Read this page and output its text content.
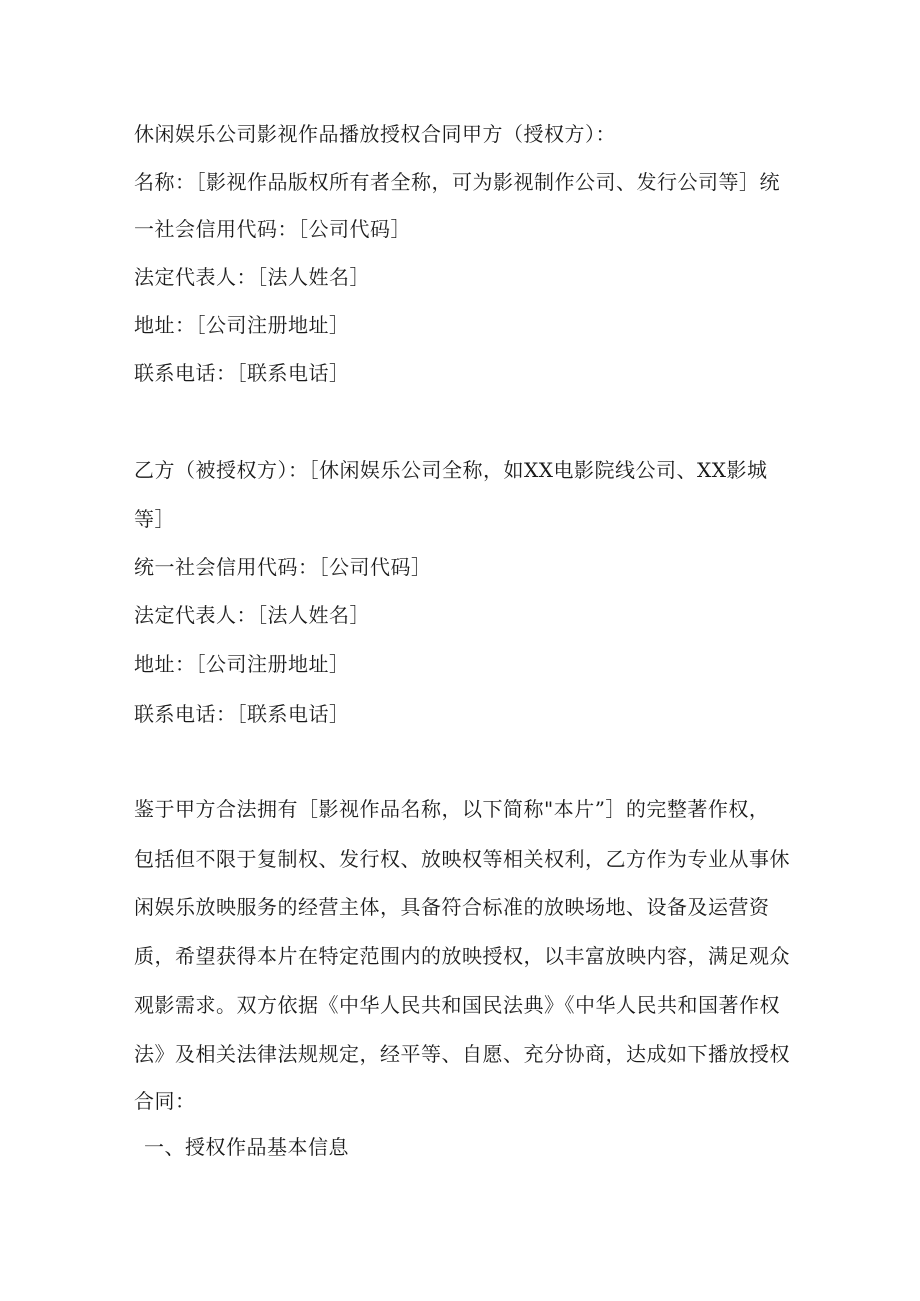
休闲娱乐公司影视作品播放授权合同甲方（授权方）：
名称：［影视作品版权所有者全称，可为影视制作公司、发行公司等］统
一社会信用代码：［公司代码］
法定代表人：［法人姓名］
地址：［公司注册地址］
联系电话：［联系电话］
乙方（被授权方）：［休闲娱乐公司全称，如XX电影院线公司、XX影城
等］
统一社会信用代码：［公司代码］
法定代表人：［法人姓名］
地址：［公司注册地址］
联系电话：［联系电话］
鉴于甲方合法拥有［影视作品名称，以下简称"本片”］的完整著作权，
包括但不限于复制权、发行权、放映权等相关权利，乙方作为专业从事休
闲娱乐放映服务的经营主体，具备符合标准的放映场地、设备及运营资
质，希望获得本片在特定范围内的放映授权，以丰富放映内容，满足观众
观影需求。双方依据《中华人民共和国民法典》《中华人民共和国著作权
法》及相关法律法规规定，经平等、自愿、充分协商，达成如下播放授权
合同：
一、授权作品基本信息
